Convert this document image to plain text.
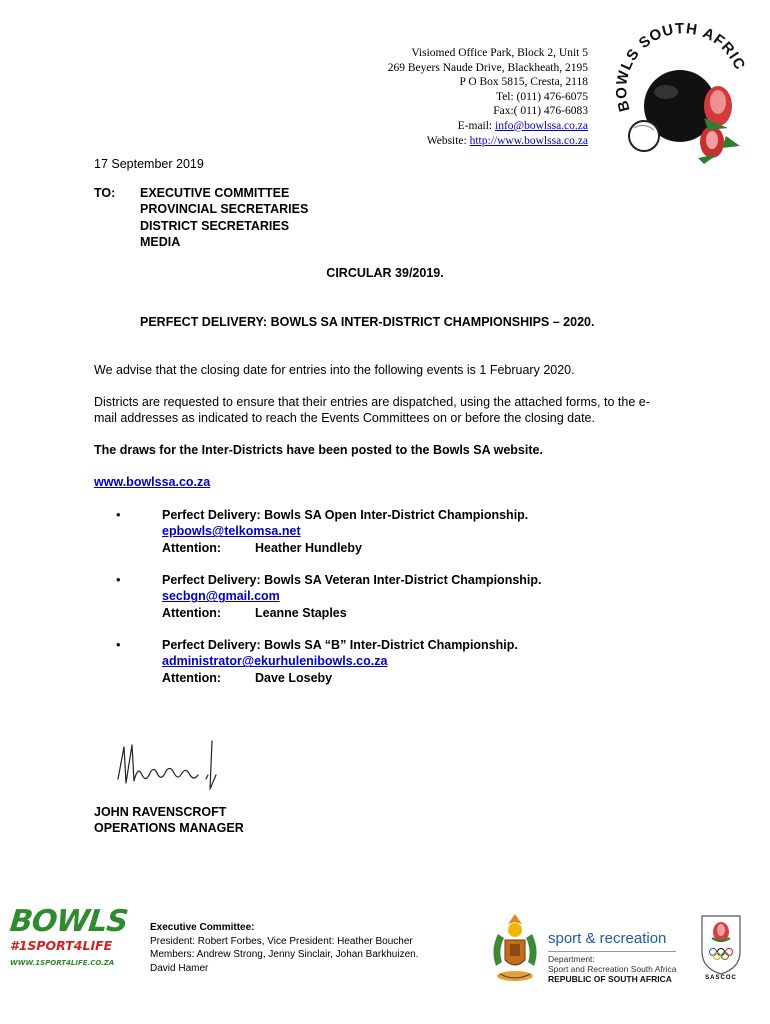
Visiomed Office Park, Block 2, Unit 5
269 Beyers Naude Drive, Blackheath, 2195
P O Box 5815, Cresta, 2118
Tel: (011) 476-6075
Fax:( 011) 476-6083
E-mail: info@bowlssa.co.za
Website: http://www.bowlssa.co.za
BOWLS SOUTH AFRIC
17 September 2019
TO: EXECUTIVE COMMITTEE
PROVINCIAL SECRETARIES
DISTRICT SECRETARIES
MEDIA
CIRCULAR 39/2019.
PERFECT DELIVERY: BOWLS SA INTER-DISTRICT CHAMPIONSHIPS – 2020.
We advise that the closing date for entries into the following events is 1 February 2020.
Districts are requested to ensure that their entries are dispatched, using the attached forms, to the e-
mail addresses as indicated to reach the Events Committees on or before the closing date.
The draws for the Inter-Districts have been posted to the Bowls SA website.
www.bowlssa.co.za
•	Perfect Delivery: Bowls SA Open Inter-District Championship.
epbowls@telkomsa.net
Attention:	Heather Hundleby
•	Perfect Delivery: Bowls SA Veteran Inter-District Championship.
secbgn@gmail.com
Attention:	Leanne Staples
•	Perfect Delivery: Bowls SA “B” Inter-District Championship.
administrator@ekurhulenibowls.co.za
Attention:	Dave Loseby
JOHN RAVENSCROFT
OPERATIONS MANAGER
BOWLS
#1SPORT4LIFE
WWW.1SPORT4LIFE.CO.ZA
Executive Committee:
President: Robert Forbes, Vice President: Heather Boucher
Members: Andrew Strong, Jenny Sinclair, Johan Barkhuizen.
David Hamer
sport & recreation
Department:
Sport and Recreation South Africa
REPUBLIC OF SOUTH AFRICA	SASCOC
